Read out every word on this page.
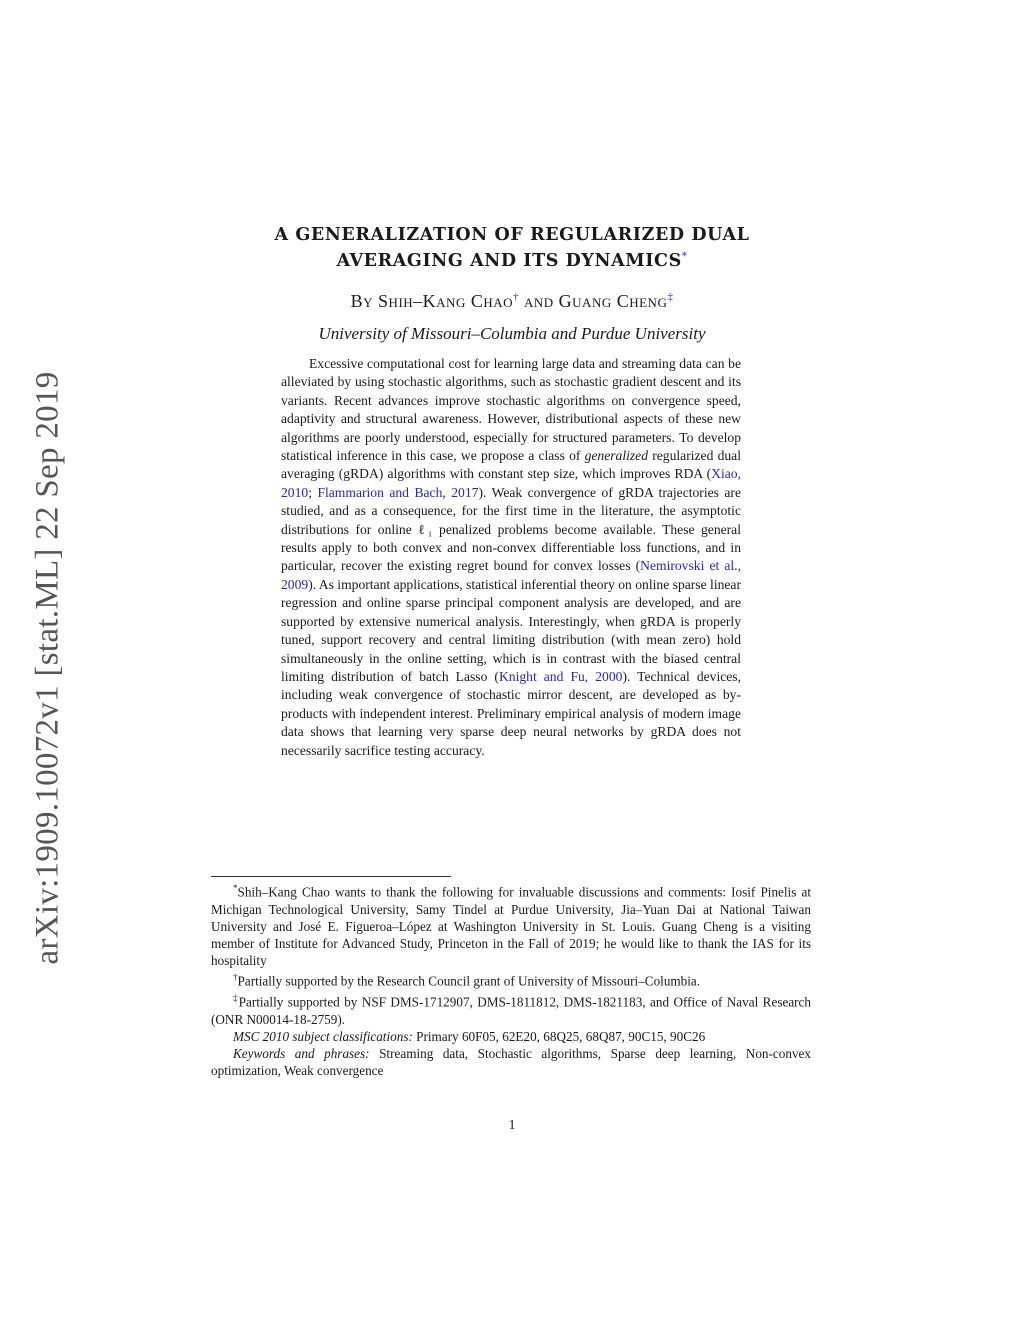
arXiv:1909.10072v1 [stat.ML] 22 Sep 2019
A GENERALIZATION OF REGULARIZED DUAL
AVERAGING AND ITS DYNAMICS*
By Shih–Kang Chao† and Guang Cheng‡
University of Missouri–Columbia and Purdue University

Excessive computational cost for learning large data and streaming data can be alleviated by using stochastic algorithms, such as stochastic gradient descent and its variants. Recent advances improve stochastic algorithms on convergence speed, adaptivity and structural awareness. However, distributional aspects of these new algorithms are poorly understood, especially for structured parameters. To develop statistical inference in this case, we propose a class of generalized regularized dual averaging (gRDA) algorithms with constant step size, which improves RDA (Xiao, 2010; Flammarion and Bach, 2017). Weak convergence of gRDA trajectories are studied, and as a consequence, for the first time in the literature, the asymptotic distributions for online ℓ₁ penalized problems become available. These general results apply to both convex and non-convex differentiable loss functions, and in particular, recover the existing regret bound for convex losses (Nemirovski et al., 2009). As important applications, statistical inferential theory on online sparse linear regression and online sparse principal component analysis are developed, and are supported by extensive numerical analysis. Interestingly, when gRDA is properly tuned, support recovery and central limiting distribution (with mean zero) hold simultaneously in the online setting, which is in contrast with the biased central limiting distribution of batch Lasso (Knight and Fu, 2000). Technical devices, including weak convergence of stochastic mirror descent, are developed as by-products with independent interest. Preliminary empirical analysis of modern image data shows that learning very sparse deep neural networks by gRDA does not necessarily sacrifice testing accuracy.

*Shih–Kang Chao wants to thank the following for invaluable discussions and comments: Iosif Pinelis at Michigan Technological University, Samy Tindel at Purdue University, Jia–Yuan Dai at National Taiwan University and José E. Figueroa–López at Washington University in St. Louis. Guang Cheng is a visiting member of Institute for Advanced Study, Princeton in the Fall of 2019; he would like to thank the IAS for its hospitality

†Partially supported by the Research Council grant of University of Missouri–Columbia.

‡Partially supported by NSF DMS-1712907, DMS-1811812, DMS-1821183, and Office of Naval Research (ONR N00014-18-2759).

MSC 2010 subject classifications: Primary 60F05, 62E20, 68Q25, 68Q87, 90C15, 90C26

Keywords and phrases: Streaming data, Stochastic algorithms, Sparse deep learning, Non-convex optimization, Weak convergence

1
